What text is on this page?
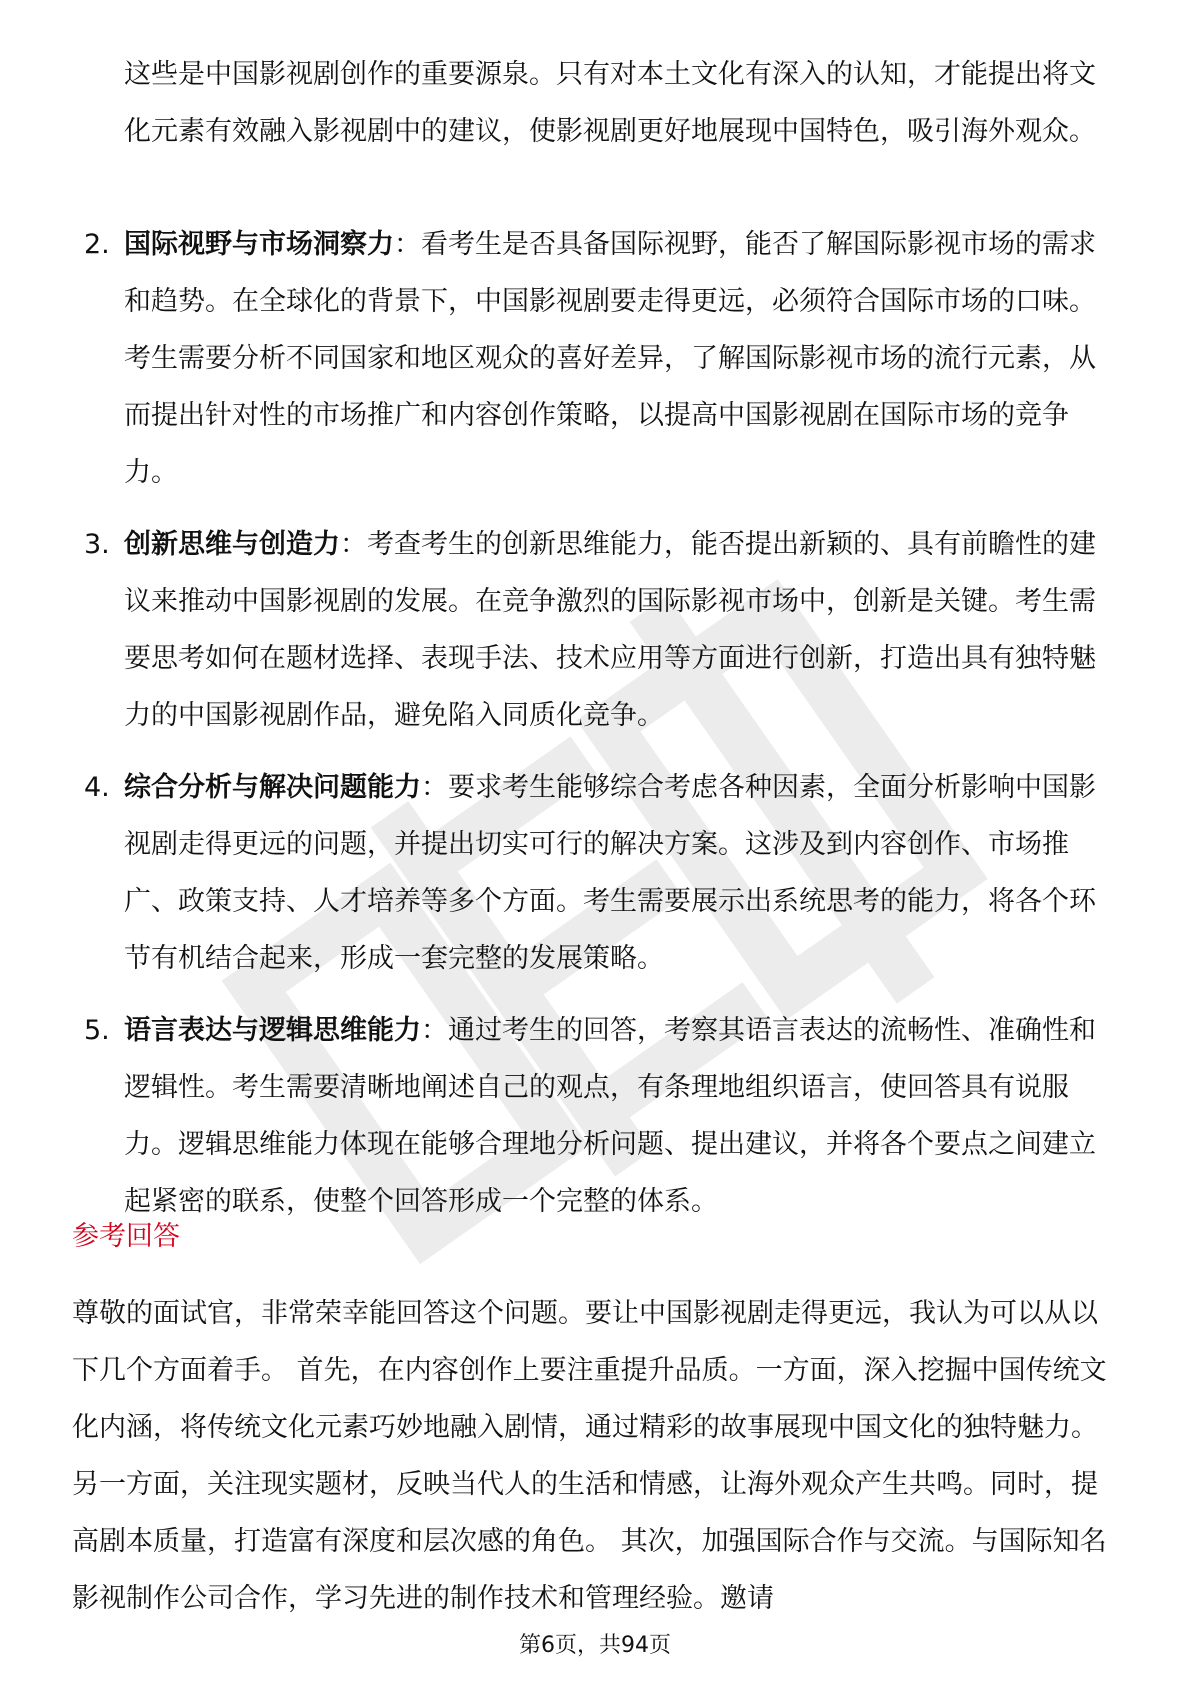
这些是中国影视剧创作的重要源泉。只有对本土文化有深入的认知，才能提出将文化元素有效融入影视剧中的建议，使影视剧更好地展现中国特色，吸引海外观众。

2. 国际视野与市场洞察力：看考生是否具备国际视野，能否了解国际影视市场的需求和趋势。在全球化的背景下，中国影视剧要走得更远，必须符合国际市场的口味。考生需要分析不同国家和地区观众的喜好差异，了解国际影视市场的流行元素，从而提出针对性的市场推广和内容创作策略，以提高中国影视剧在国际市场的竞争力。
3. 创新思维与创造力：考查考生的创新思维能力，能否提出新颖的、具有前瞻性的建议来推动中国影视剧的发展。在竞争激烈的国际影视市场中，创新是关键。考生需要思考如何在题材选择、表现手法、技术应用等方面进行创新，打造出具有独特魅力的中国影视剧作品，避免陷入同质化竞争。
4. 综合分析与解决问题能力：要求考生能够综合考虑各种因素，全面分析影响中国影视剧走得更远的问题，并提出切实可行的解决方案。这涉及到内容创作、市场推广、政策支持、人才培养等多个方面。考生需要展示出系统思考的能力，将各个环节有机结合起来，形成一套完整的发展策略。
5. 语言表达与逻辑思维能力：通过考生的回答，考察其语言表达的流畅性、准确性和逻辑性。考生需要清晰地阐述自己的观点，有条理地组织语言，使回答具有说服力。逻辑思维能力体现在能够合理地分析问题、提出建议，并将各个要点之间建立起紧密的联系，使整个回答形成一个完整的体系。
参考回答

尊敬的面试官，非常荣幸能回答这个问题。要让中国影视剧走得更远，我认为可以从以下几个方面着手。 首先，在内容创作上要注重提升品质。一方面，深入挖掘中国传统文化内涵，将传统文化元素巧妙地融入剧情，通过精彩的故事展现中国文化的独特魅力。另一方面，关注现实题材，反映当代人的生活和情感，让海外观众产生共鸣。同时，提高剧本质量，打造富有深度和层次感的角色。 其次，加强国际合作与交流。与国际知名影视制作公司合作，学习先进的制作技术和管理经验。邀请

第6页，共94页
